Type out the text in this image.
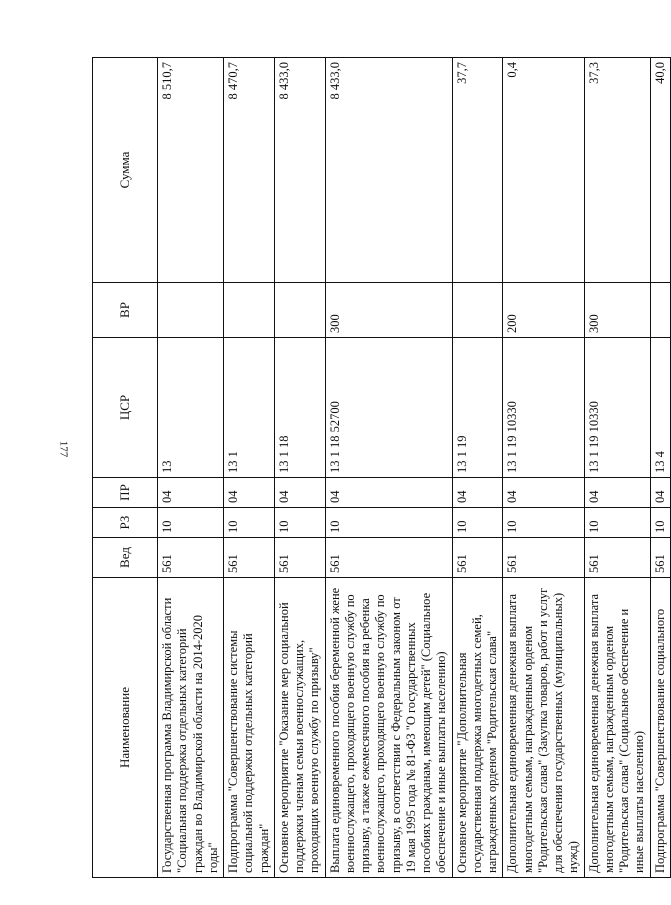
177
Наименование	Вед	РЗ	ПР	ЦСР	ВР	Сумма
Государственная программа Владимирской области "Социальная поддержка отдельных категорий граждан во Владимирской области на 2014-2020 годы"	561	10	04	13		8 510,7
Подпрограмма "Совершенствование системы социальной поддержки отдельных категорий граждан"	561	10	04	13 1		8 470,7
Основное мероприятие "Оказание мер социальной поддержки членам семьи военнослужащих, проходящих военную службу по призыву"	561	10	04	13 1 18		8 433,0
Выплата единовременного пособия беременной жене военнослужащего, проходящего военную службу по призыву, а также ежемесячного пособия на ребенка военнослужащего, проходящего военную службу по призыву, в соответствии с Федеральным законом от 19 мая 1995 года № 81-ФЗ "О государственных пособиях гражданам, имеющим детей" (Социальное обеспечение и иные выплаты населению)	561	10	04	13 1 18 52700	300	8 433,0
Основное мероприятие "Дополнительная государственная поддержка многодетных семей, награжденных орденом "Родительская слава"	561	10	04	13 1 19		37,7
Дополнительная единовременная денежная выплата многодетным семьям, награжденным орденом "Родительская слава" (Закупка товаров, работ и услуг для обеспечения государственных (муниципальных) нужд)	561	10	04	13 1 19 10330	200	0,4
Дополнительная единовременная денежная выплата многодетным семьям, награжденным орденом "Родительская слава" (Социальное обеспечение и иные выплаты населению)	561	10	04	13 1 19 10330	300	37,3
Подпрограмма "Совершенствование социального	561	10	04	13 4		40,0
